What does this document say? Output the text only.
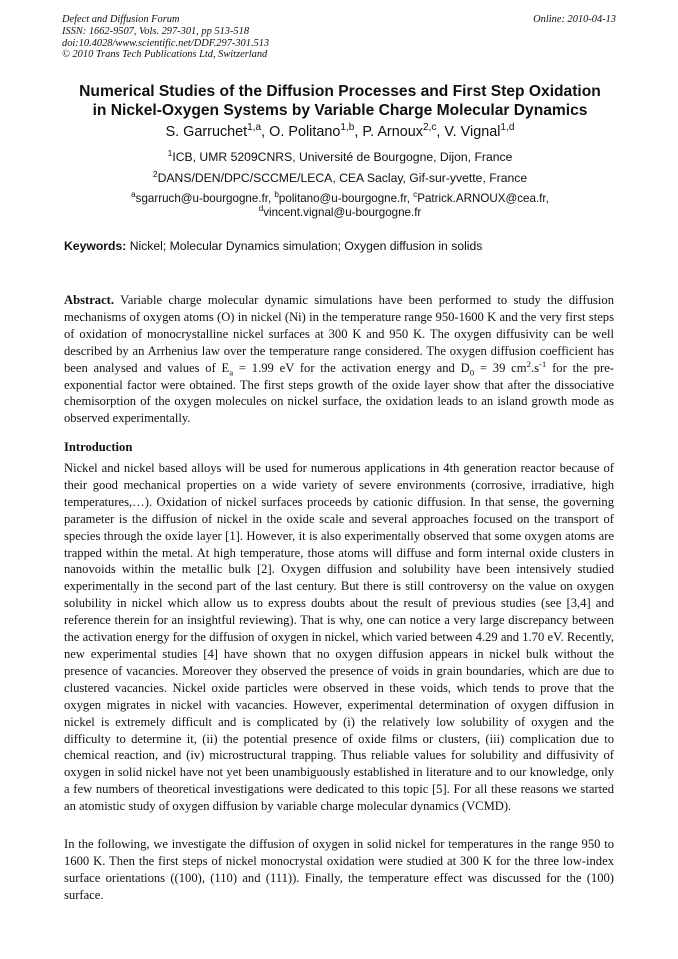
Defect and Diffusion Forum
ISSN: 1662-9507, Vols. 297-301, pp 513-518
doi:10.4028/www.scientific.net/DDF.297-301.513
© 2010 Trans Tech Publications Ltd, Switzerland
Online: 2010-04-13
Numerical Studies of the Diffusion Processes and First Step Oxidation
in Nickel-Oxygen Systems by Variable Charge Molecular Dynamics
S. Garruchet$^{1,a}$, O. Politano$^{1,b}$, P. Arnoux$^{2,c}$, V. Vignal$^{1,d}$
$^1$ICB, UMR 5209CNRS, Université de Bourgogne, Dijon, France
$^2$DANS/DEN/DPC/SCCME/LECA, CEA Saclay, Gif-sur-yvette, France
$^a$sgarruch@u-bourgogne.fr, $^b$politano@u-bourgogne.fr, $^c$Patrick.ARNOUX@cea.fr,
$^d$vincent.vignal@u-bourgogne.fr
Keywords: Nickel; Molecular Dynamics simulation; Oxygen diffusion in solids
Abstract. Variable charge molecular dynamic simulations have been performed to study the diffusion mechanisms of oxygen atoms (O) in nickel (Ni) in the temperature range 950-1600 K and the very first steps of oxidation of monocrystalline nickel surfaces at 300 K and 950 K. The oxygen diffusivity can be well described by an Arrhenius law over the temperature range considered. The oxygen diffusion coefficient has been analysed and values of $E_a = 1.99$ eV for the activation energy and $D_0 = 39$ $cm^2.s^{-1}$ for the pre-exponential factor were obtained. The first steps growth of the oxide layer show that after the dissociative chemisorption of the oxygen molecules on nickel surface, the oxidation leads to an island growth mode as observed experimentally.
Introduction
Nickel and nickel based alloys will be used for numerous applications in 4th generation reactor because of their good mechanical properties on a wide variety of severe environments (corrosive, irradiative, high temperatures,…). Oxidation of nickel surfaces proceeds by cationic diffusion. In that sense, the governing parameter is the diffusion of nickel in the oxide scale and several approaches focused on the transport of species through the oxide layer [1]. However, it is also experimentally observed that some oxygen atoms are trapped within the metal. At high temperature, those atoms will diffuse and form internal oxide clusters in nanovoids within the metallic bulk [2]. Oxygen diffusion and solubility have been intensively studied experimentally in the second part of the last century. But there is still controversy on the value on oxygen solubility in nickel which allow us to express doubts about the result of previous studies (see [3,4] and reference therein for an insightful reviewing). That is why, one can notice a very large discrepancy between the activation energy for the diffusion of oxygen in nickel, which varied between 4.29 and 1.70 eV. Recently, new experimental studies [4] have shown that no oxygen diffusion appears in nickel bulk without the presence of vacancies. Moreover they observed the presence of voids in grain boundaries, which are due to clustered vacancies. Nickel oxide particles were observed in these voids, which tends to prove that the oxygen migrates in nickel with vacancies. However, experimental determination of oxygen diffusion in nickel is extremely difficult and is complicated by (i) the relatively low solubility of oxygen and the difficulty to determine it, (ii) the potential presence of oxide films or clusters, (iii) complication due to chemical reaction, and (iv) microstructural trapping. Thus reliable values for solubility and diffusivity of oxygen in solid nickel have not yet been unambiguously established in literature and to our knowledge, only a few numbers of theoretical investigations were dedicated to this topic [5]. For all these reasons we started an atomistic study of oxygen diffusion by variable charge molecular dynamics (VCMD).
In the following, we investigate the diffusion of oxygen in solid nickel for temperatures in the range 950 to 1600 K. Then the first steps of nickel monocrystal oxidation were studied at 300 K for the three low-index surface orientations ((100), (110) and (111)). Finally, the temperature effect was discussed for the (100) surface.
